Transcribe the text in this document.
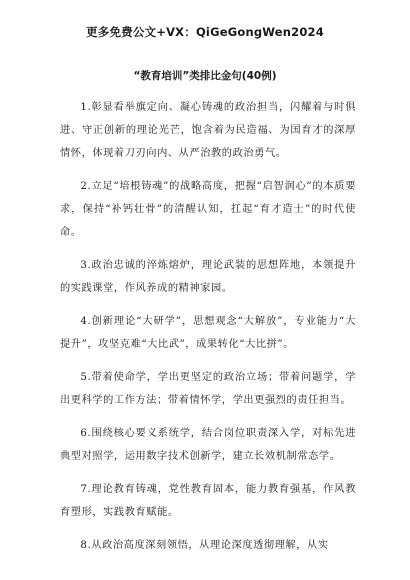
更多免费公文+VX：QiGeGongWen2024
“教育培训”类排比金句(40例)

1.彰显看举旗定向、凝心铸魂的政治担当，闪耀着与时俱进、守正创新的理论光芒，饱含着为民造福、为国育才的深厚情怀，体现着刀刃向内、从严治教的政治勇气。

2.立足“培根铸魂”的战略高度，把握“启智润心”的本质要求，保持“补钙壮骨”的清醒认知，扛起“育才造士”的时代使命。

3.政治忠诚的淬炼熔炉，理论武装的思想阵地，本领提升的实践课堂，作风养成的精神家园。

4.创新理论“大研学”，思想观念“大解放”，专业能力“大提升”，攻坚克难“大比武”，成果转化“大比拼”。

5.带着使命学，学出更坚定的政治立场；带着问题学，学出更科学的工作方法；带着情怀学，学出更强烈的责任担当。

6.围绕核心要义系统学，结合岗位职责深入学，对标先进典型对照学，运用数字技术创新学，建立长效机制常态学。

7.理论教育铸魂，党性教育固本，能力教育强基，作风教育塑形，实践教育赋能。

8.从政治高度深刻领悟，从理论深度透彻理解，从实
